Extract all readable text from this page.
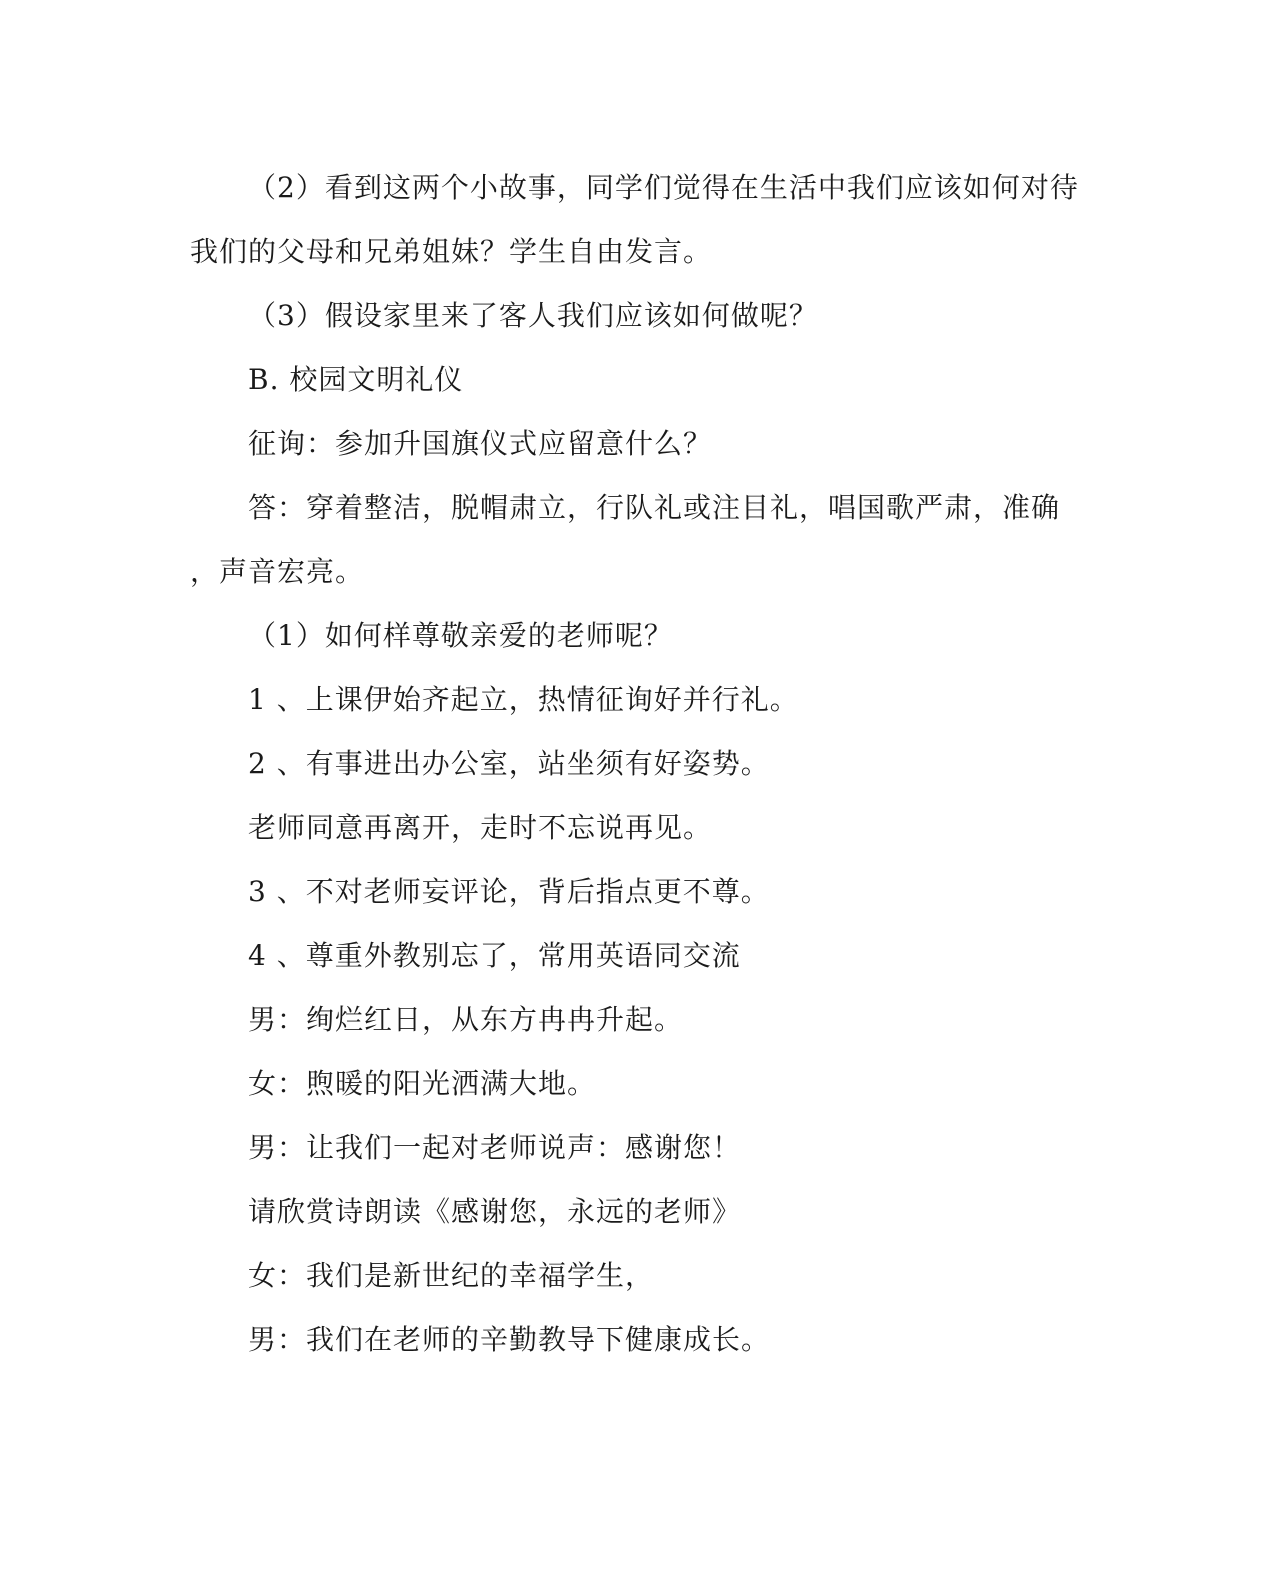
（2）看到这两个小故事，同学们觉得在生活中我们应该如何对待
我们的父母和兄弟姐妹？学生自由发言。
（3）假设家里来了客人我们应该如何做呢？
B. 校园文明礼仪
征询：参加升国旗仪式应留意什么？
答：穿着整洁，脱帽肃立，行队礼或注目礼，唱国歌严肃，准确
，声音宏亮。
（1）如何样尊敬亲爱的老师呢？
1 、上课伊始齐起立，热情征询好并行礼。
2 、有事进出办公室，站坐须有好姿势。
老师同意再离开，走时不忘说再见。
3 、不对老师妄评论，背后指点更不尊。
4 、尊重外教别忘了，常用英语同交流
男：绚烂红日，从东方冉冉升起。
女：煦暖的阳光洒满大地。
男：让我们一起对老师说声：感谢您！
请欣赏诗朗读《感谢您，永远的老师》
女：我们是新世纪的幸福学生，
男：我们在老师的辛勤教导下健康成长。
